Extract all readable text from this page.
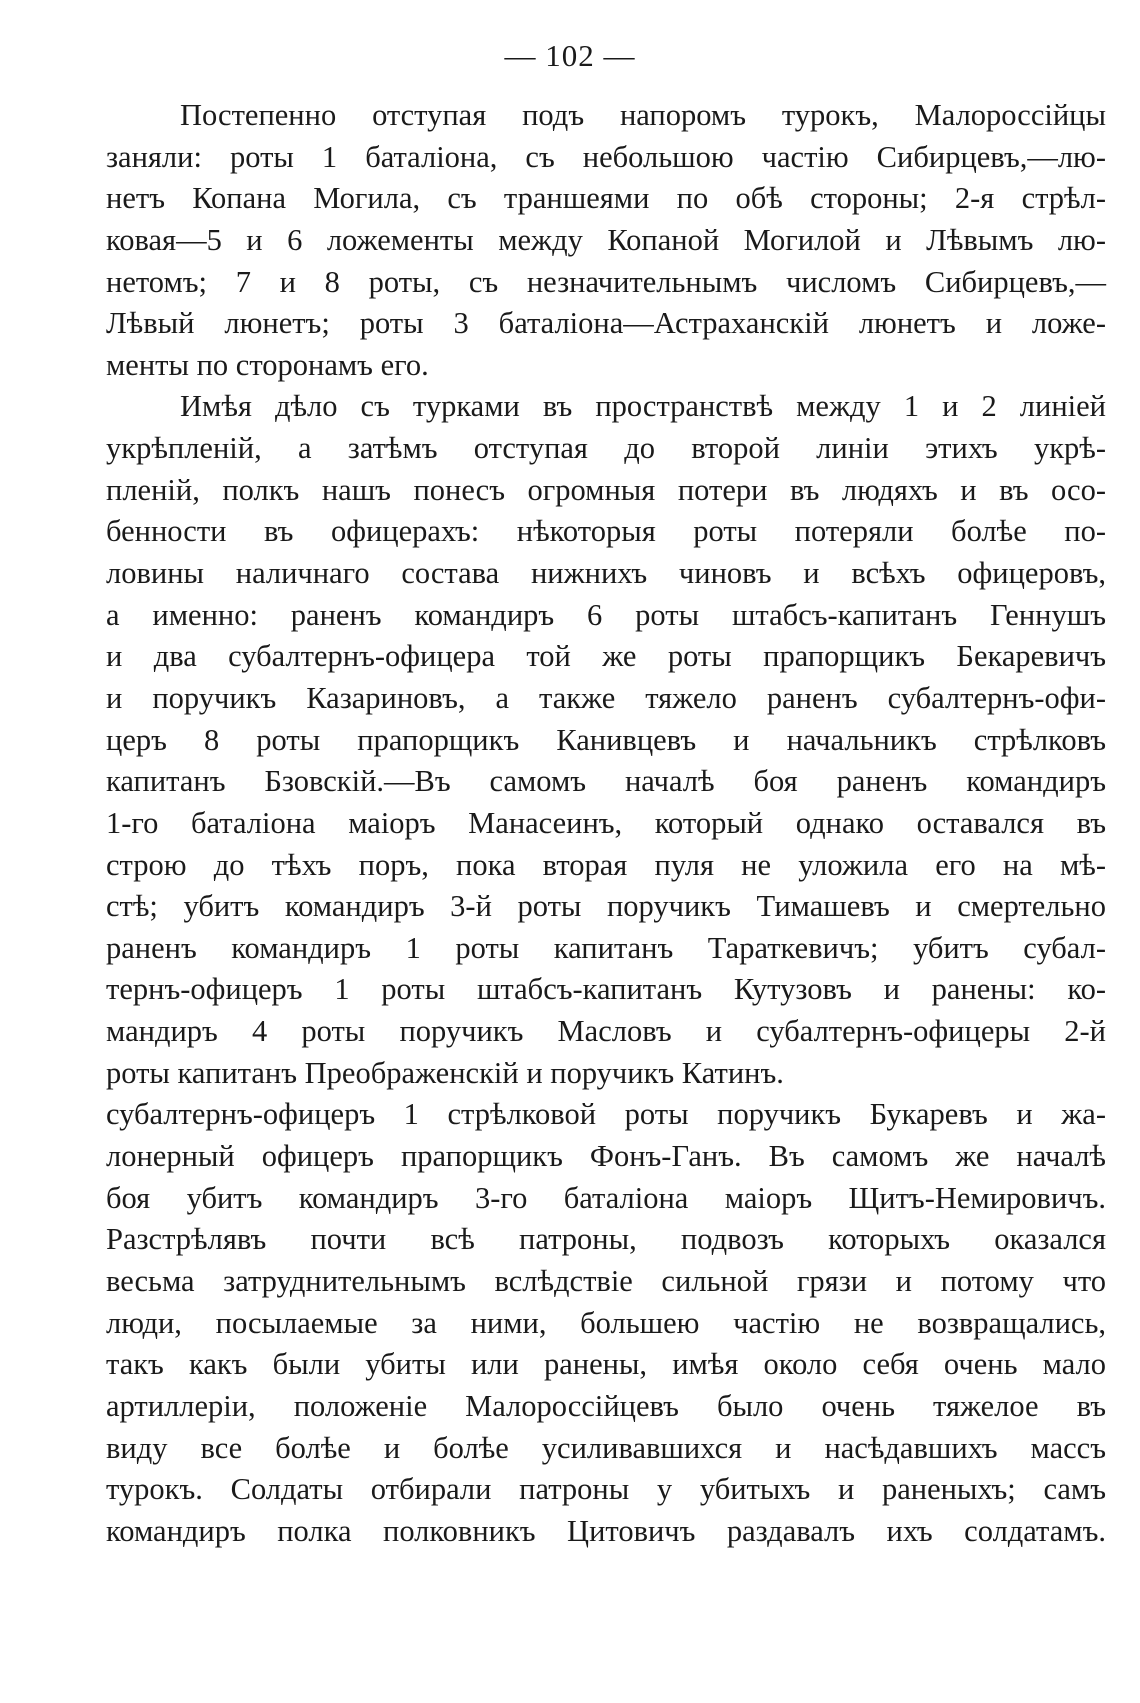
— 102 —
Постепенно отступая подъ напоромъ турокъ, Малороссійцы
заняли: роты 1 баталіона, съ небольшою частію Сибирцевъ,—лю-
нетъ Копана Могила, съ траншеями по обѣ стороны; 2-я стрѣл-
ковая—5 и 6 ложементы между Копаной Могилой и Лѣвымъ лю-
нетомъ; 7 и 8 роты, съ незначительнымъ числомъ Сибирцевъ,—
Лѣвый люнетъ; роты 3 баталіона—Астраханскій люнетъ и ложе-
менты по сторонамъ его.
Имѣя дѣло съ турками въ пространствѣ между 1 и 2 линіей
укрѣпленій, а затѣмъ отступая до второй линіи этихъ укрѣ-
пленій, полкъ нашъ понесъ огромныя потери въ людяхъ и въ осо-
бенности въ офицерахъ: нѣкоторыя роты потеряли болѣе по-
ловины наличнаго состава нижнихъ чиновъ и всѣхъ офицеровъ,
а именно: раненъ командиръ 6 роты штабсъ-капитанъ Геннушъ
и два субалтернъ-офицера той же роты прапорщикъ Бекаревичъ
и поручикъ Казариновъ, а также тяжело раненъ субалтернъ-офи-
церъ 8 роты прапорщикъ Канивцевъ и начальникъ стрѣлковъ
капитанъ Бзовскій.—Въ самомъ началѣ боя раненъ командиръ
1-го баталіона маіоръ Манасеинъ, который однако оставался въ
строю до тѣхъ поръ, пока вторая пуля не уложила его на мѣ-
стѣ; убитъ командиръ 3-й роты поручикъ Тимашевъ и смертельно
раненъ командиръ 1 роты капитанъ Тараткевичъ; убитъ субал-
тернъ-офицеръ 1 роты штабсъ-капитанъ Кутузовъ и ранены: ко-
мандиръ 4 роты поручикъ Масловъ и субалтернъ-офицеры 2-й
роты капитанъ Преображенскій и поручикъ Катинъ.
субалтернъ-офицеръ 1 стрѣлковой роты поручикъ Букаревъ и жа-
лонерный офицеръ прапорщикъ Фонъ-Ганъ. Въ самомъ же началѣ
боя убитъ командиръ 3-го баталіона маіоръ Щитъ-Немировичъ.
Разстрѣлявъ почти всѣ патроны, подвозъ которыхъ оказался
весьма затруднительнымъ вслѣдствіе сильной грязи и потому что
люди, посылаемые за ними, большею частію не возвращались,
такъ какъ были убиты или ранены, имѣя около себя очень мало
артиллеріи, положеніе Малороссійцевъ было очень тяжелое въ
виду все болѣе и болѣе усиливавшихся и насѣдавшихъ массъ
турокъ. Солдаты отбирали патроны у убитыхъ и раненыхъ; самъ
командиръ полка полковникъ Цитовичъ раздавалъ ихъ солдатамъ.
